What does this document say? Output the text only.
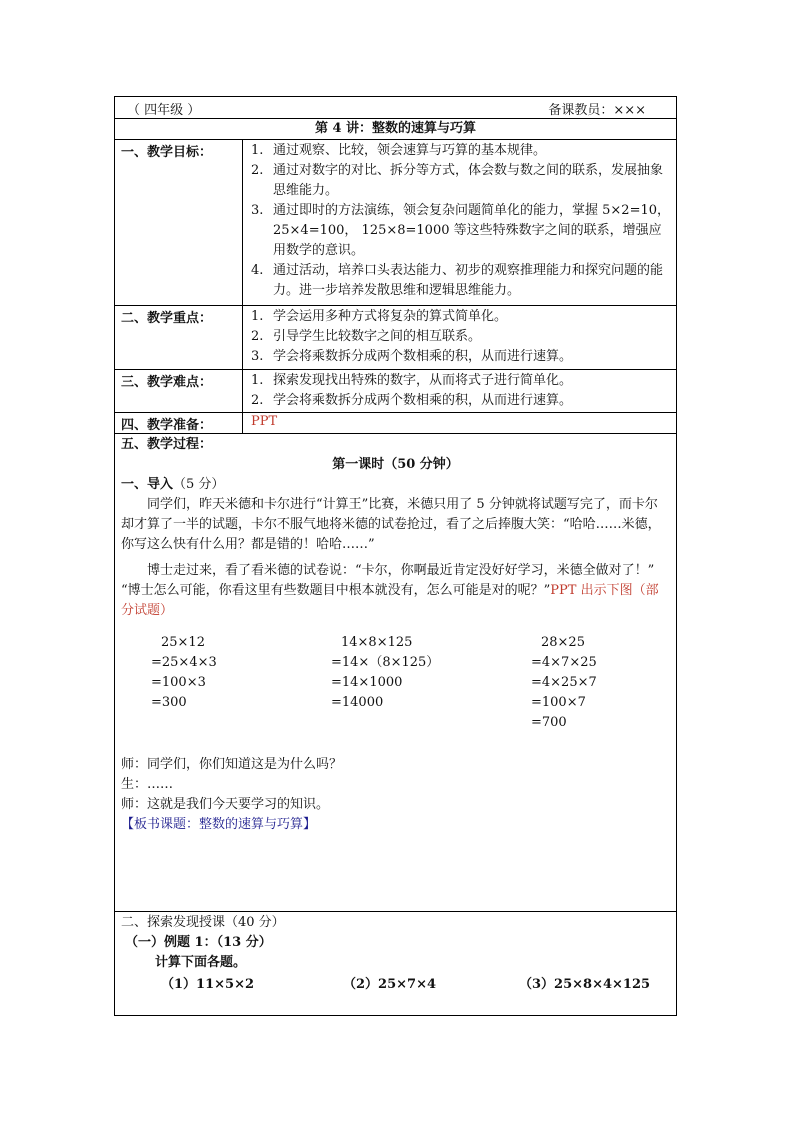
（ 四年级 ）	备课教员：×××
第 4 讲：整数的速算与巧算
一、教学目标：	1. 通过观察、比较，领会速算与巧算的基本规律。
2. 通过对数字的对比、拆分等方式，体会数与数之间的联系，发展抽象思维能力。
3. 通过即时的方法演练，领会复杂问题简单化的能力，掌握 5×2=10， 25×4=100， 125×8=1000 等这些特殊数字之间的联系，增强应用数学的意识。
4. 通过活动，培养口头表达能力、初步的观察推理能力和探究问题的能力。进一步培养发散思维和逻辑思维能力。
二、教学重点：	1. 学会运用多种方式将复杂的算式简单化。
2. 引导学生比较数字之间的相互联系。
3. 学会将乘数拆分成两个数相乘的积，从而进行速算。
三、教学难点：	1. 探索发现找出特殊的数字，从而将式子进行简单化。
2. 学会将乘数拆分成两个数相乘的积，从而进行速算。
四、教学准备：	PPT
五、教学过程：
第一课时（50 分钟）
一、导入（5 分）
同学们，昨天米德和卡尔进行“计算王”比赛，米德只用了 5 分钟就将试题写完了，而卡尔却才算了一半的试题，卡尔不服气地将米德的试卷抢过，看了之后捧腹大笑：“哈哈……米德，你写这么快有什么用？都是错的！哈哈……”
博士走过来，看了看米德的试卷说：“卡尔，你啊最近肯定没好好学习，米德全做对了！”
“博士怎么可能，你看这里有些数题目中根本就没有，怎么可能是对的呢？”PPT 出示下图（部分试题）
25×12
=25×4×3
=100×3
=300
14×8×125
=14×（8×125）
=14×1000
=14000
28×25
=4×7×25
=4×25×7
=100×7
=700
师：同学们，你们知道这是为什么吗？
生：……
师：这就是我们今天要学习的知识。
【板书课题：整数的速算与巧算】
二、探索发现授课（40 分）
（一）例题 1：（13 分）
计算下面各题。
（1）11×5×2	（2）25×7×4	（3）25×8×4×125
